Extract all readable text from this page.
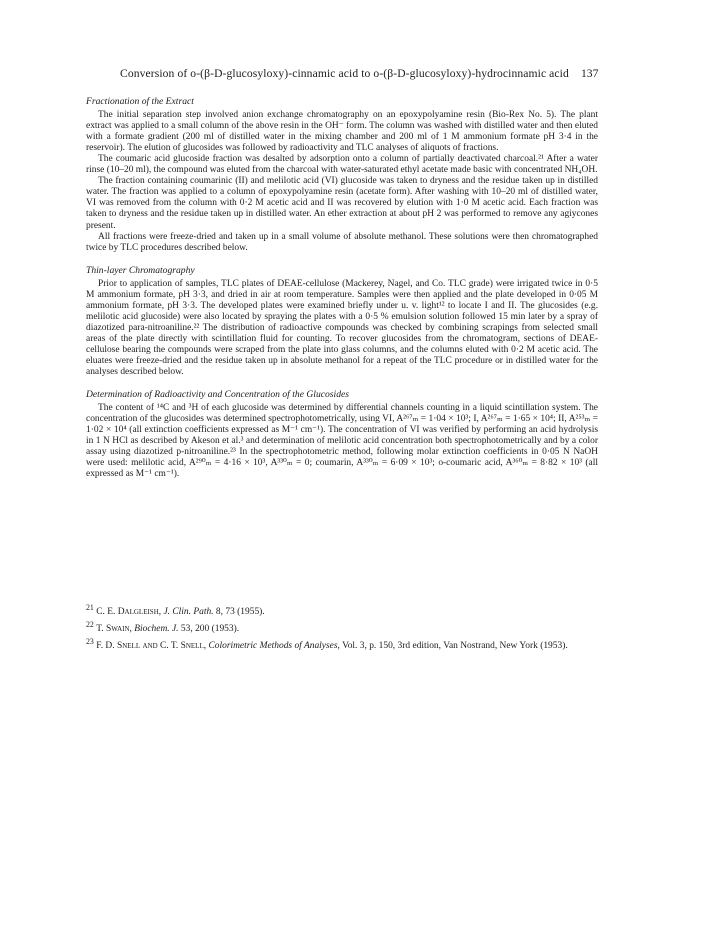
Conversion of o-(β-D-glucosyloxy)-cinnamic acid to o-(β-D-glucosyloxy)-hydrocinnamic acid	137
Fractionation of the Extract

The initial separation step involved anion exchange chromatography on an epoxypolyamine resin (Bio-Rex No. 5). The plant extract was applied to a small column of the above resin in the OH⁻ form. The column was washed with distilled water and then eluted with a formate gradient (200 ml of distilled water in the mixing chamber and 200 ml of 1 M ammonium formate pH 3·4 in the reservoir). The elution of glucosides was followed by radioactivity and TLC analyses of aliquots of fractions.

The coumaric acid glucoside fraction was desalted by adsorption onto a column of partially deactivated charcoal.²¹ After a water rinse (10–20 ml), the compound was eluted from the charcoal with water-saturated ethyl acetate made basic with concentrated NH₄OH.

The fraction containing coumarinic (II) and melilotic acid (VI) glucoside was taken to dryness and the residue taken up in distilled water. The fraction was applied to a column of epoxypolyamine resin (acetate form). After washing with 10–20 ml of distilled water, VI was removed from the column with 0·2 M acetic acid and II was recovered by elution with 1·0 M acetic acid. Each fraction was taken to dryness and the residue taken up in distilled water. An ether extraction at about pH 2 was performed to remove any agiycones present.

All fractions were freeze-dried and taken up in a small volume of absolute methanol. These solutions were then chromatographed twice by TLC procedures described below.

Thin-layer Chromatography

Prior to application of samples, TLC plates of DEAE-cellulose (Mackerey, Nagel, and Co. TLC grade) were irrigated twice in 0·5 M ammonium formate, pH 3·3, and dried in air at room temperature. Samples were then applied and the plate developed in 0·05 M ammonium formate, pH 3·3. The developed plates were examined briefly under u. v. light¹² to locate I and II. The glucosides (e.g. melilotic acid glucoside) were also located by spraying the plates with a 0·5 % emulsion solution followed 15 min later by a spray of diazotized para-nitroaniline.²² The distribution of radioactive compounds was checked by combining scrapings from selected small areas of the plate directly with scintillation fluid for counting. To recover glucosides from the chromatogram, sections of DEAE-cellulose bearing the compounds were scraped from the plate into glass columns, and the columns eluted with 0·2 M acetic acid. The eluates were freeze-dried and the residue taken up in absolute methanol for a repeat of the TLC procedure or in distilled water for the analyses described below.

Determination of Radioactivity and Concentration of the Glucosides

The content of ¹⁴C and ³H of each glucoside was determined by differential channels counting in a liquid scintillation system. The concentration of the glucosides was determined spectrophotometrically, using VI, A²⁶⁷ₘ = 1·04 × 10³; I, A²⁶⁷ₘ = 1·65 × 10⁴; II, A²⁵³ₘ = 1·02 × 10⁴ (all extinction coefficients expressed as M⁻¹ cm⁻¹). The concentration of VI was verified by performing an acid hydrolysis in 1 N HCl as described by Akeson et al.³ and determination of melilotic acid concentration both spectrophotometrically and by a color assay using diazotized p-nitroaniline.²³ In the spectrophotometric method, following molar extinction coefficients in 0·05 N NaOH were used: melilotic acid, A²⁹⁰ₘ = 4·16 × 10³, A³³⁰ₘ = 0; coumarin, A³³⁰ₘ = 6·09 × 10³; o-coumaric acid, A³⁶⁰ₘ = 8·82 × 10³ (all expressed as M⁻¹ cm⁻¹).

$^{21}$ C. E. Dalgleish, J. Clin. Path. 8, 73 (1955).
$^{22}$ T. Swain, Biochem. J. 53, 200 (1953).
$^{23}$ F. D. Snell and C. T. Snell, Colorimetric Methods of Analyses, Vol. 3, p. 150, 3rd edition, Van Nostrand, New York (1953).
